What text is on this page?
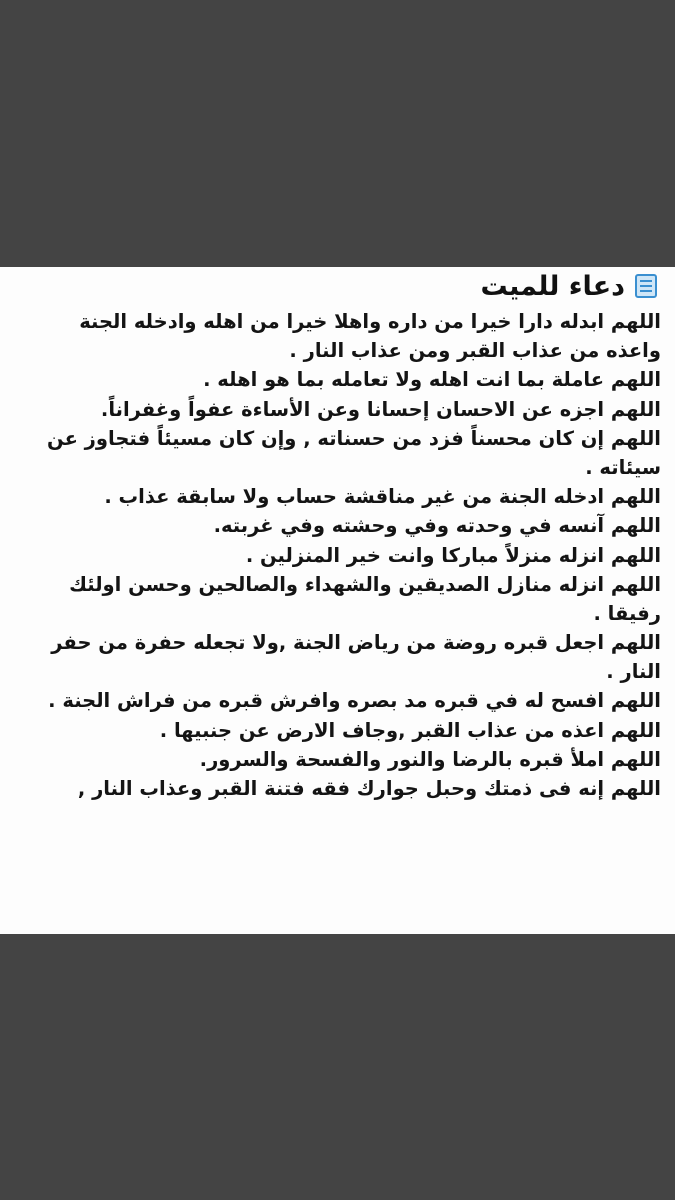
دعاء للميت
اللهم ابدله دارا خيرا من داره واهلا خيرا من اهله وادخله الجنة
واعذه من عذاب القبر ومن عذاب النار .
اللهم عاملة بما انت اهله ولا تعامله بما هو اهله .
اللهم اجزه عن الاحسان إحسانا وعن الأساءة عفواً وغفراناً.
اللهم إن كان محسناً فزد من حسناته , وإن كان مسيئاً فتجاوز عن
سيئاته .
اللهم ادخله الجنة من غير مناقشة حساب ولا سابقة عذاب .
اللهم آنسه في وحدته وفي وحشته وفي غربته.
اللهم انزله منزلاً مباركا وانت خير المنزلين .
اللهم انزله منازل الصديقين والشهداء والصالحين وحسن اولئك
رفيقا .
اللهم اجعل قبره روضة من رياض الجنة ,ولا تجعله حفرة من حفر
النار .
اللهم افسح له في قبره مد بصره وافرش قبره من فراش الجنة .
اللهم اعذه من عذاب القبر ,وجاف الارض عن جنبيها .
اللهم املأ قبره بالرضا والنور والفسحة والسرور.
اللهم إنه فى ذمتك وحبل جوارك فقه فتنة القبر وعذاب النار ,
